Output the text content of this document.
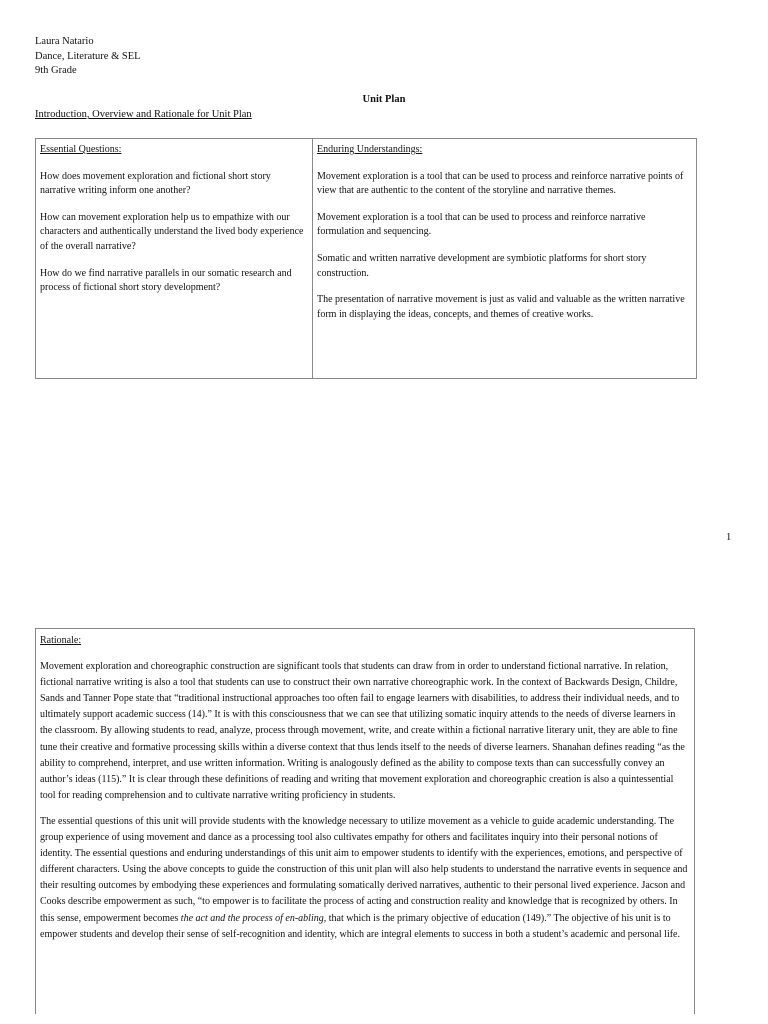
Laura Natario
Dance, Literature & SEL
9th Grade
Unit Plan
Introduction, Overview and Rationale for Unit Plan
Essential Questions:

How does movement exploration and fictional short story narrative writing inform one another?

How can movement exploration help us to empathize with our characters and authentically understand the lived body experience of the overall narrative?

How do we find narrative parallels in our somatic research and process of fictional short story development?

Enduring Understandings:

Movement exploration is a tool that can be used to process and reinforce narrative points of view that are authentic to the content of the storyline and narrative themes.

Movement exploration is a tool that can be used to process and reinforce narrative formulation and sequencing.

Somatic and written narrative development are symbiotic platforms for short story construction.

The presentation of narrative movement is just as valid and valuable as the written narrative form in displaying the ideas, concepts, and themes of creative works.

1
Rationale:

Movement exploration and choreographic construction are significant tools that students can draw from in order to understand fictional narrative. In relation, fictional narrative writing is also a tool that students can use to construct their own narrative choreographic work. In the context of Backwards Design, Childre, Sands and Tanner Pope state that “traditional instructional approaches too often fail to engage learners with disabilities, to address their individual needs, and to ultimately support academic success (14).” It is with this consciousness that we can see that utilizing somatic inquiry attends to the needs of diverse learners in the classroom. By allowing students to read, analyze, process through movement, write, and create within a fictional narrative literary unit, they are able to fine tune their creative and formative processing skills within a diverse context that thus lends itself to the needs of diverse learners. Shanahan defines reading “as the ability to comprehend, interpret, and use written information. Writing is analogously defined as the ability to compose texts than can successfully convey an author’s ideas (115).” It is clear through these definitions of reading and writing that movement exploration and choreographic creation is also a quintessential tool for reading comprehension and to cultivate narrative writing proficiency in students.

The essential questions of this unit will provide students with the knowledge necessary to utilize movement as a vehicle to guide academic understanding. The group experience of using movement and dance as a processing tool also cultivates empathy for others and facilitates inquiry into their personal notions of identity. The essential questions and enduring understandings of this unit aim to empower students to identify with the experiences, emotions, and perspective of different characters. Using the above concepts to guide the construction of this unit plan will also help students to understand the narrative events in sequence and their resulting outcomes by embodying these experiences and formulating somatically derived narratives, authentic to their personal lived experience. Jacson and Cooks describe empowerment as such, “to empower is to facilitate the process of acting and construction reality and knowledge that is recognized by others. In this sense, empowerment becomes the act and the process of en-abling, that which is the primary objective of education (149).” The objective of his unit is to empower students and develop their sense of self-recognition and identity, which are integral elements to success in both a student’s academic and personal life.
